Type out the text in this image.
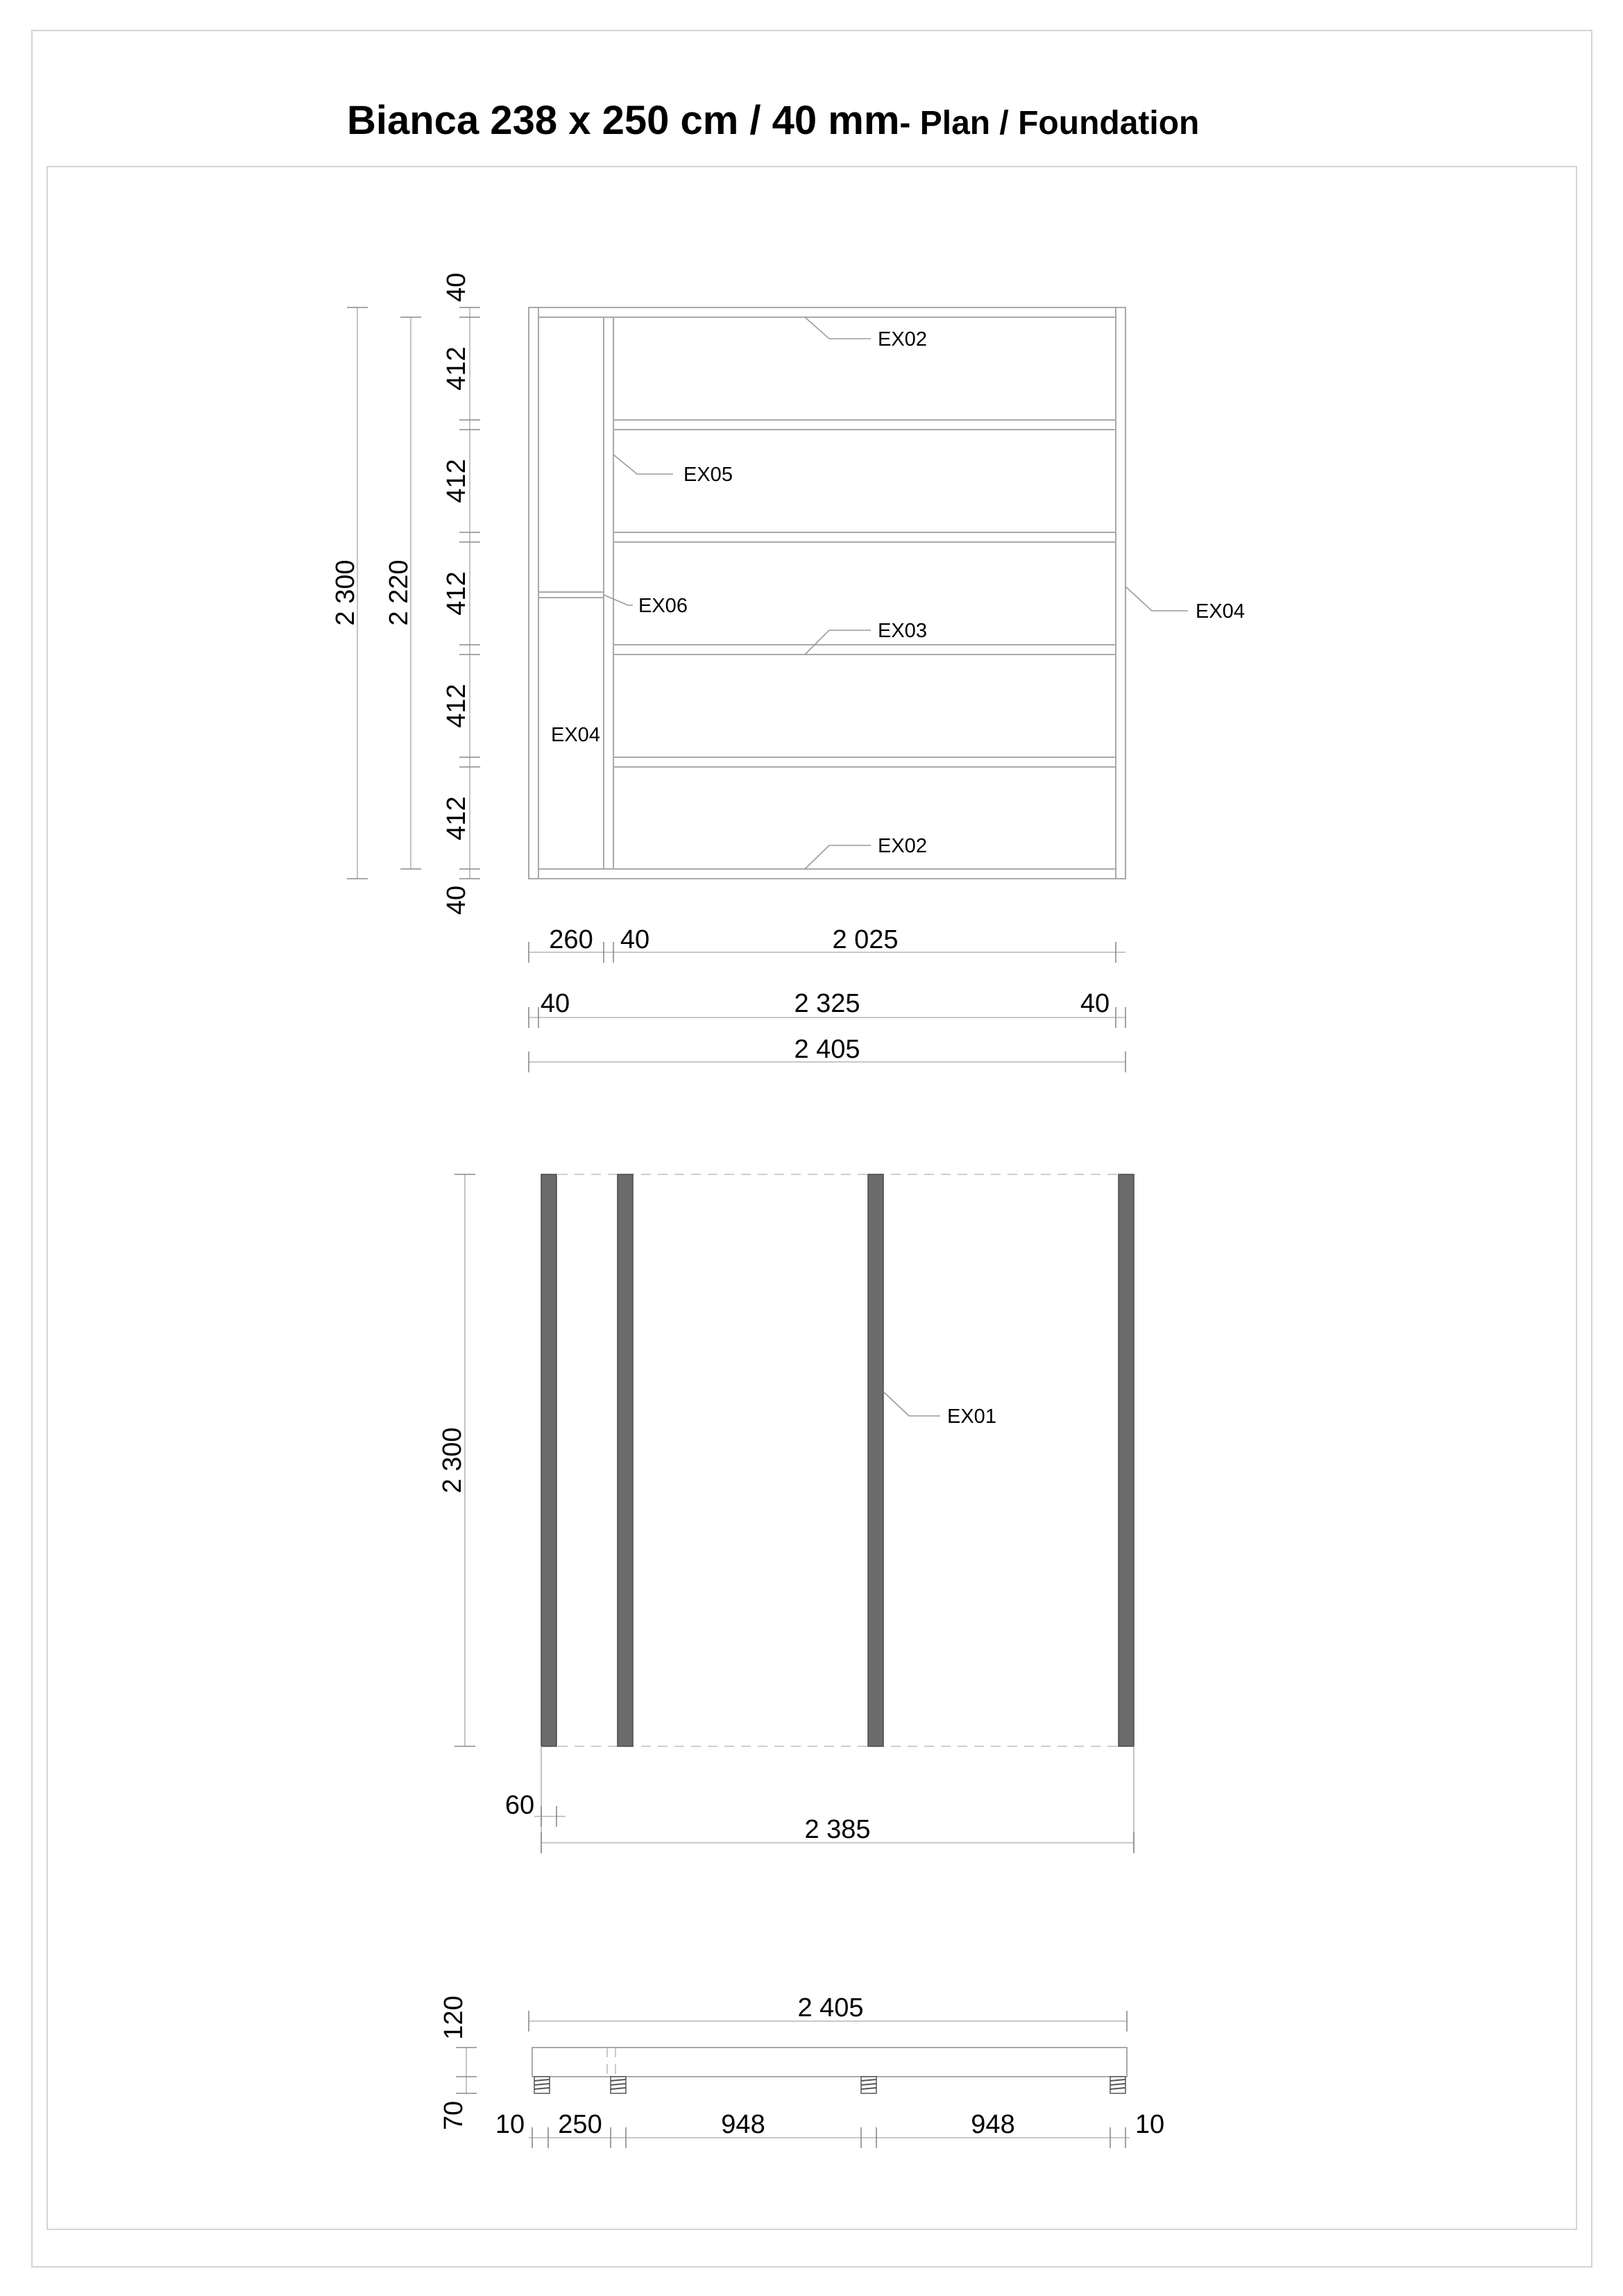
Bianca 238 x 250 cm / 40 mm- Plan / Foundation
EX02
EX05
EX06
EX03
EX04
EX04
EX02
2 300 2 220
40
412
412
412
412
412
40
260 40	2 025
40	2 325	40
2 405
EX01
2 300
60
2 385
2 405
120
70 10 250	948	948	10
